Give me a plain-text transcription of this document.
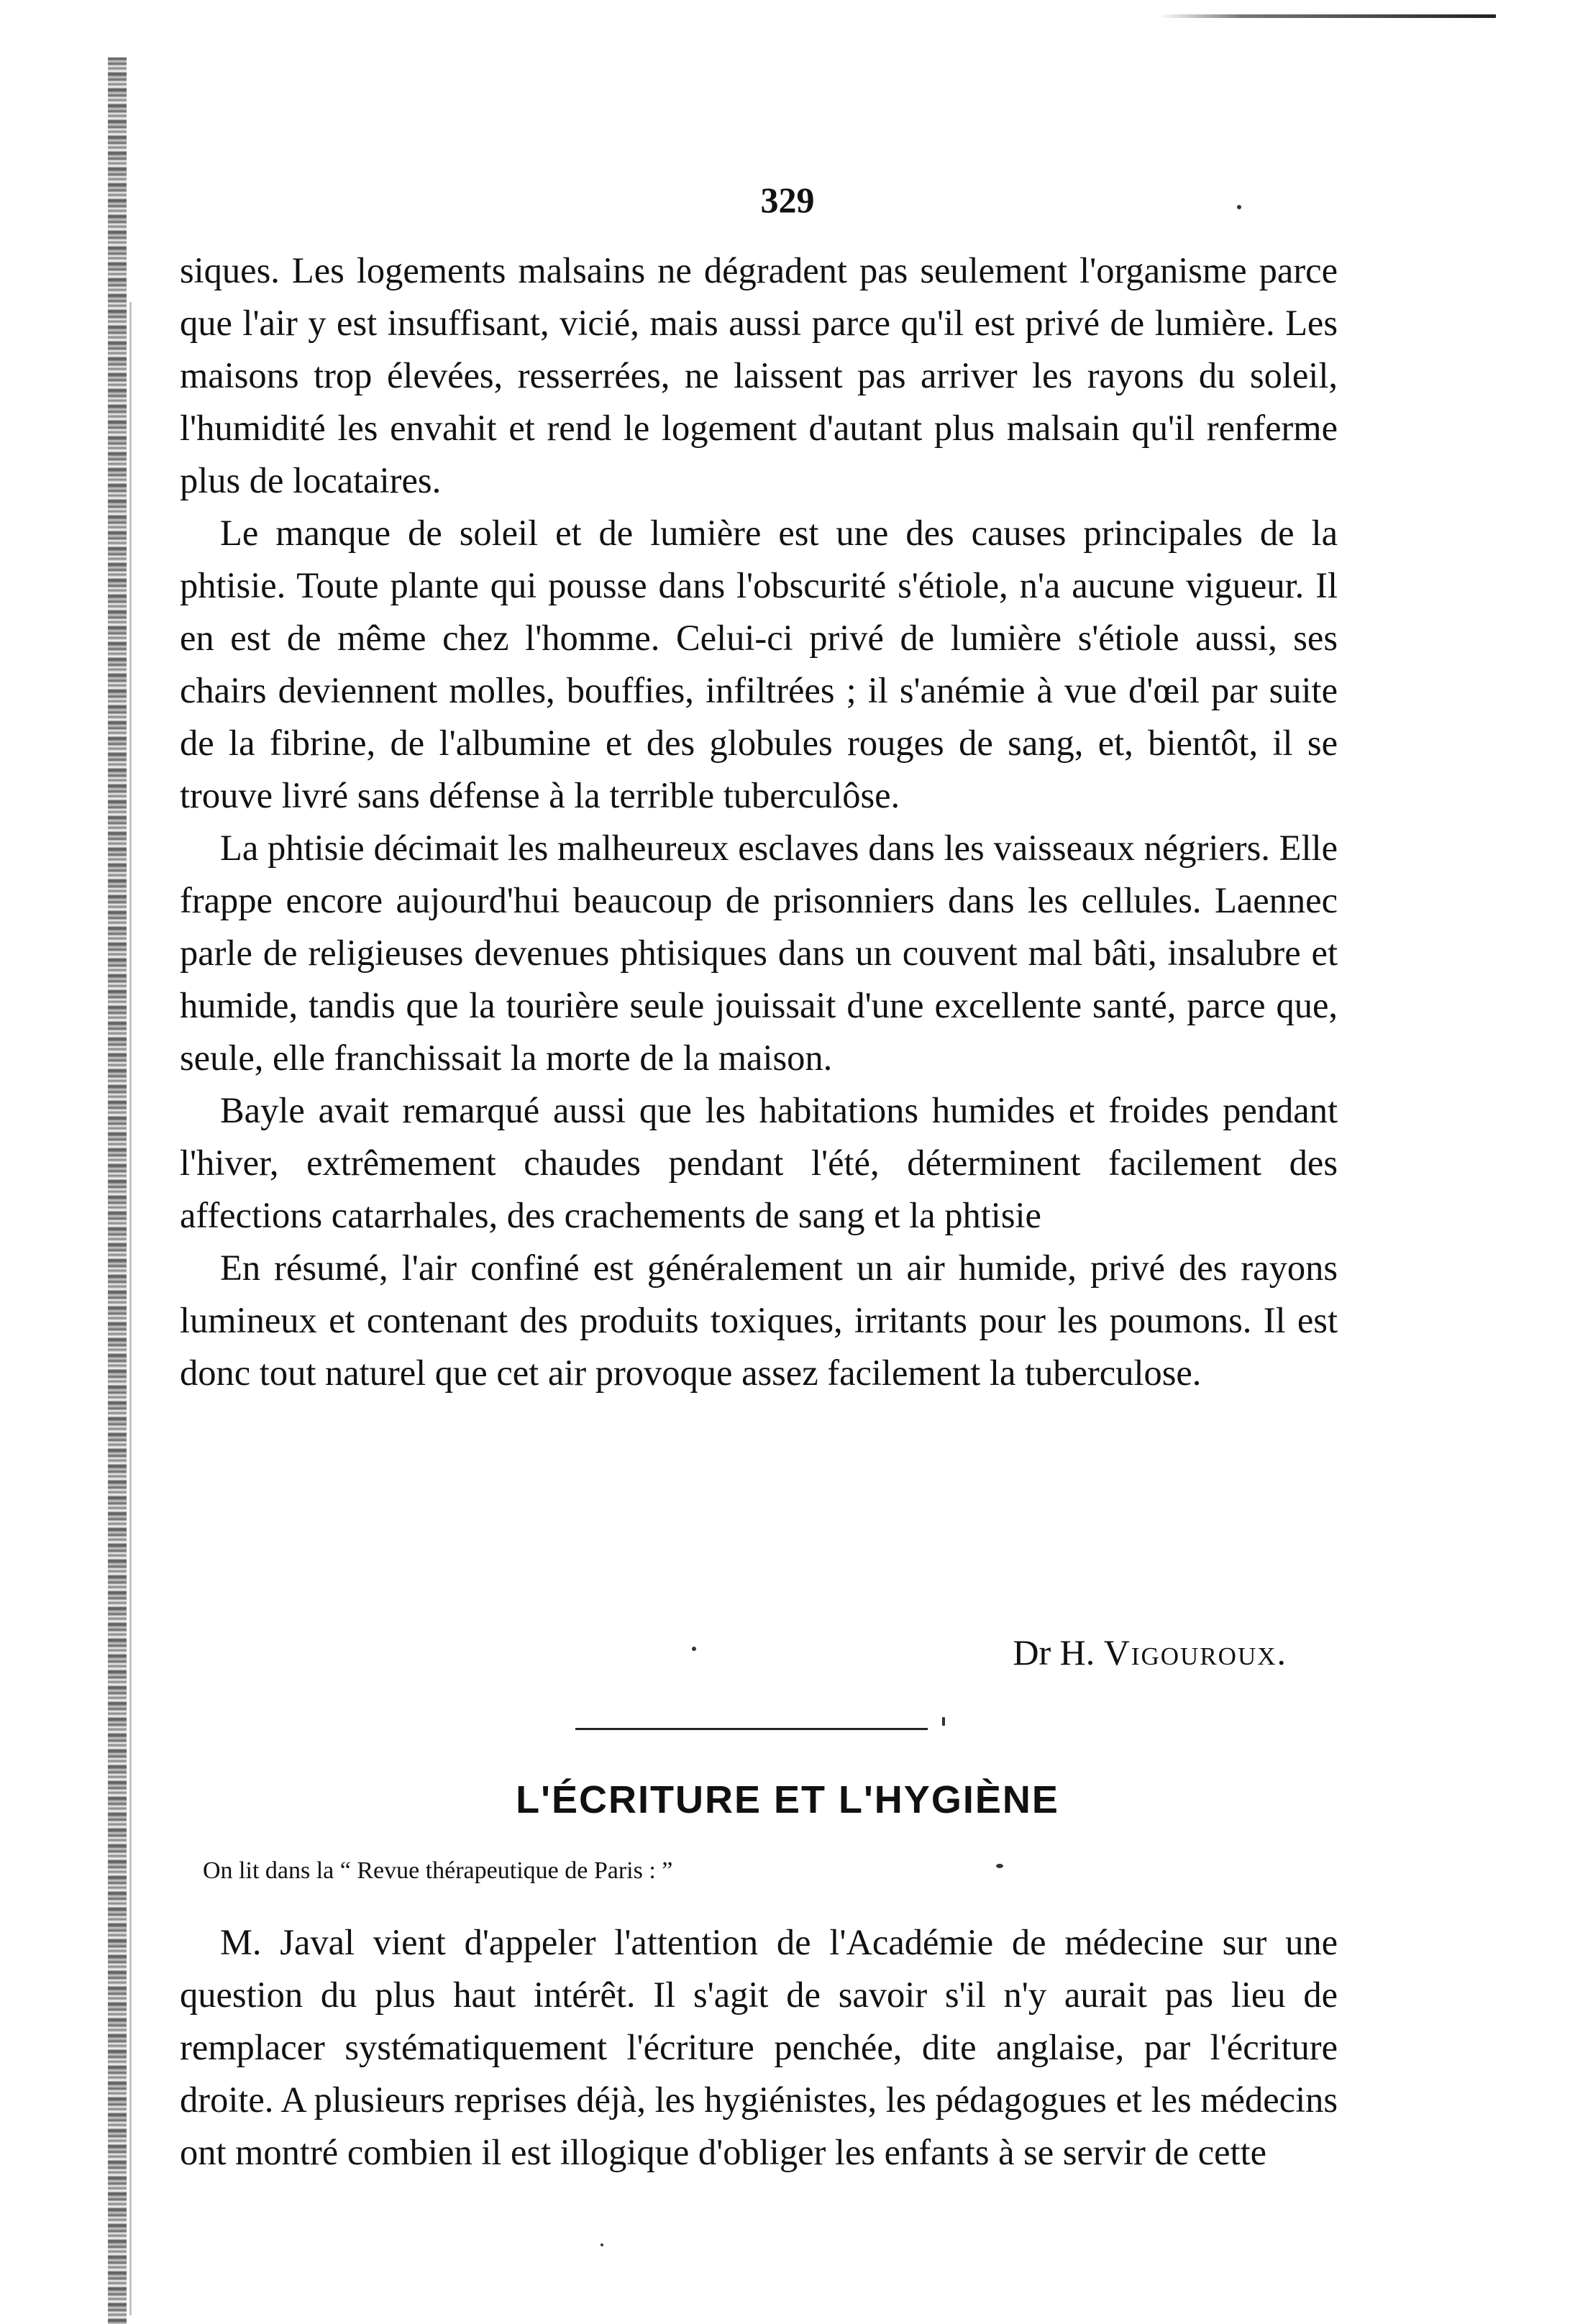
329

siques. Les logements malsains ne dégradent pas seulement l'organisme parce que l'air y est insuffisant, vicié, mais aussi parce qu'il est privé de lumière. Les maisons trop élevées, resserrées, ne laissent pas arriver les rayons du soleil, l'humidité les envahit et rend le logement d'autant plus malsain qu'il renferme plus de locataires.

Le manque de soleil et de lumière est une des causes principales de la phtisie. Toute plante qui pousse dans l'obscurité s'étiole, n'a aucune vigueur. Il en est de même chez l'homme. Celui-ci privé de lumière s'étiole aussi, ses chairs deviennent molles, bouffies, infiltrées ; il s'anémie à vue d'œil par suite de la fibrine, de l'albumine et des globules rouges de sang, et, bientôt, il se trouve livré sans défense à la terrible tuberculôse.

La phtisie décimait les malheureux esclaves dans les vaisseaux négriers. Elle frappe encore aujourd'hui beaucoup de prisonniers dans les cellules. Laennec parle de religieuses devenues phtisiques dans un couvent mal bâti, insalubre et humide, tandis que la tourière seule jouissait d'une excellente santé, parce que, seule, elle franchissait la morte de la maison.

Bayle avait remarqué aussi que les habitations humides et froides pendant l'hiver, extrêmement chaudes pendant l'été, déterminent facilement des affections catarrhales, des crachements de sang et la phtisie

En résumé, l'air confiné est généralement un air humide, privé des rayons lumineux et contenant des produits toxiques, irritants pour les poumons. Il est donc tout naturel que cet air provoque assez facilement la tuberculose.

Dr H. Vigouroux.
L'ÉCRITURE ET L'HYGIÈNE
On lit dans la “ Revue thérapeutique de Paris : ”

M. Javal vient d'appeler l'attention de l'Académie de médecine sur une question du plus haut intérêt. Il s'agit de savoir s'il n'y aurait pas lieu de remplacer systématiquement l'écriture penchée, dite anglaise, par l'écriture droite. A plusieurs reprises déjà, les hygiénistes, les pédagogues et les médecins ont montré combien il est illogique d'obliger les enfants à se servir de cette
